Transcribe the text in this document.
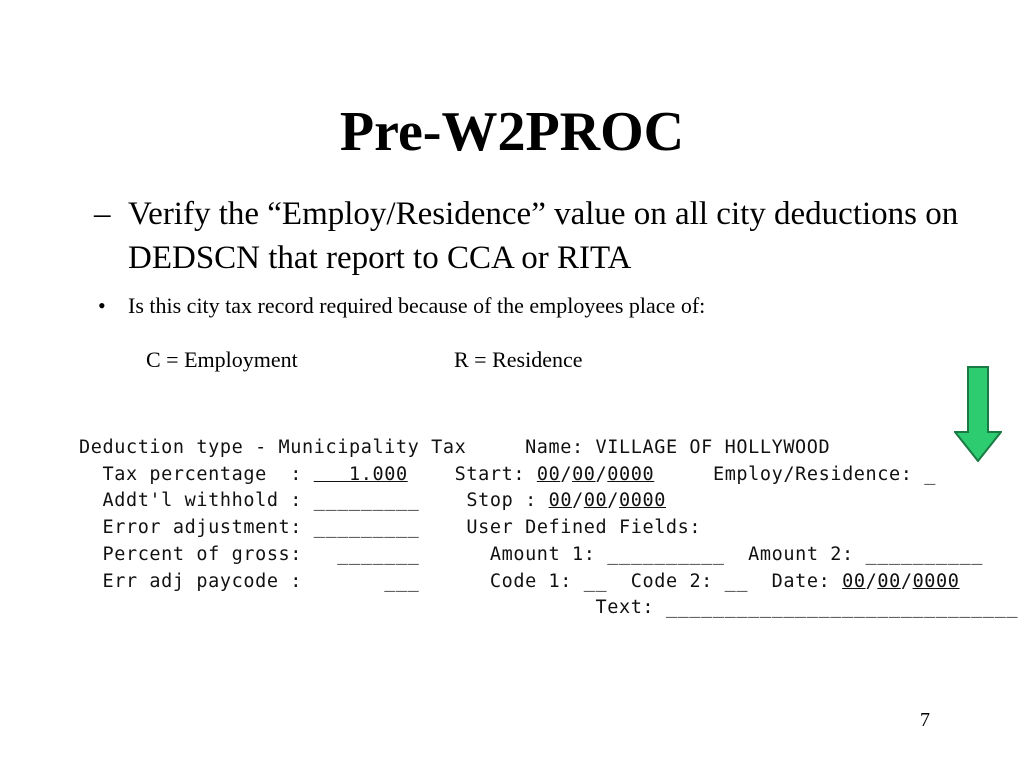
Pre-W2PROC
– Verify the “Employ/Residence” value on all city deductions on DEDSCN that report to CCA or RITA
•	Is this city tax record required because of the employees place of:
C = Employment	R = Residence
Deduction type - Municipality Tax	Name: VILLAGE OF HOLLYWOOD
Tax percentage  :    1.000	Start: 00/00/0000	Employ/Residence: _
Addt'l withhold : _________	Stop : 00/00/0000
Error adjustment: _________	User Defined Fields:
Percent of gross: _______	Amount 1: __________ Amount 2: __________
Err adj paycode :	___	Code 1: __ Code 2: __ Date: 00/00/0000
Text: ______________________________
7
